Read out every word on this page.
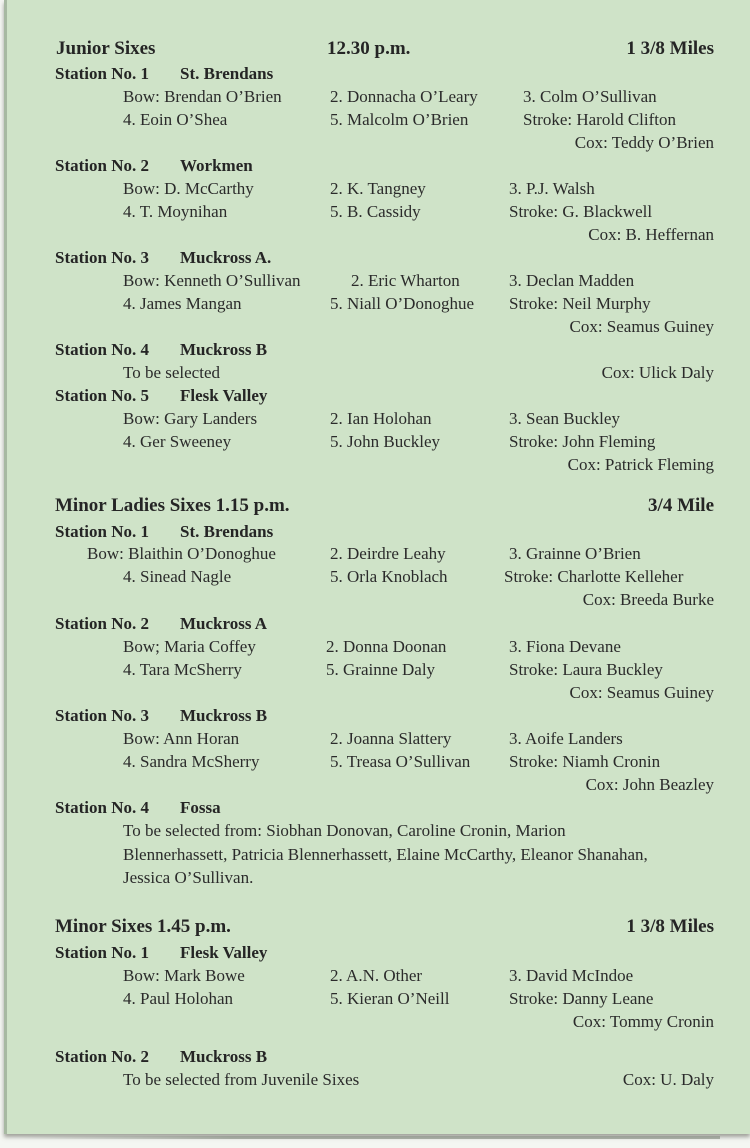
Junior Sixes	12.30 p.m.	1 3/8 Miles
Station No. 1 St. Brendans
Bow: Brendan O’Brien	2. Donnacha O’Leary	3. Colm O’Sullivan
4. Eoin O’Shea	5. Malcolm O’Brien	Stroke: Harold Clifton
Cox: Teddy O’Brien
Station No. 2 Workmen
Bow: D. McCarthy	2. K. Tangney	3. P.J. Walsh
4. T. Moynihan	5. B. Cassidy	Stroke: G. Blackwell
Cox: B. Heffernan
Station No. 3 Muckross A.
Bow: Kenneth O’Sullivan	2. Eric Wharton	3. Declan Madden
4. James Mangan	5. Niall O’Donoghue Stroke: Neil Murphy
Cox: Seamus Guiney
Station No. 4 Muckross B
To be selected	Cox: Ulick Daly
Station No. 5 Flesk Valley
Bow: Gary Landers	2. Ian Holohan	3. Sean Buckley
4. Ger Sweeney	5. John Buckley	Stroke: John Fleming
Cox: Patrick Fleming
Minor Ladies Sixes 1.15 p.m.	3/4 Mile
Station No. 1 St. Brendans
Bow: Blaithin O’Donoghue	2. Deirdre Leahy	3. Grainne O’Brien
4. Sinead Nagle	5. Orla Knoblach	Stroke: Charlotte Kelleher
Cox: Breeda Burke
Station No. 2 Muckross A
Bow; Maria Coffey	2. Donna Doonan	3. Fiona Devane
4. Tara McSherry	5. Grainne Daly	Stroke: Laura Buckley
Cox: Seamus Guiney
Station No. 3 Muckross B
Bow: Ann Horan	2. Joanna Slattery	3. Aoife Landers
4. Sandra McSherry	5. Treasa O’Sullivan Stroke: Niamh Cronin
Cox: John Beazley
Station No. 4 Fossa
To be selected from: Siobhan Donovan, Caroline Cronin, Marion
Blennerhassett, Patricia Blennerhassett, Elaine McCarthy, Eleanor Shanahan,
Jessica O’Sullivan.
Minor Sixes 1.45 p.m.	1 3/8 Miles
Station No. 1 Flesk Valley
Bow: Mark Bowe	2. A.N. Other	3. David McIndoe
4. Paul Holohan	5. Kieran O’Neill	Stroke: Danny Leane
Cox: Tommy Cronin
Station No. 2 Muckross B
To be selected from Juvenile Sixes	Cox: U. Daly
